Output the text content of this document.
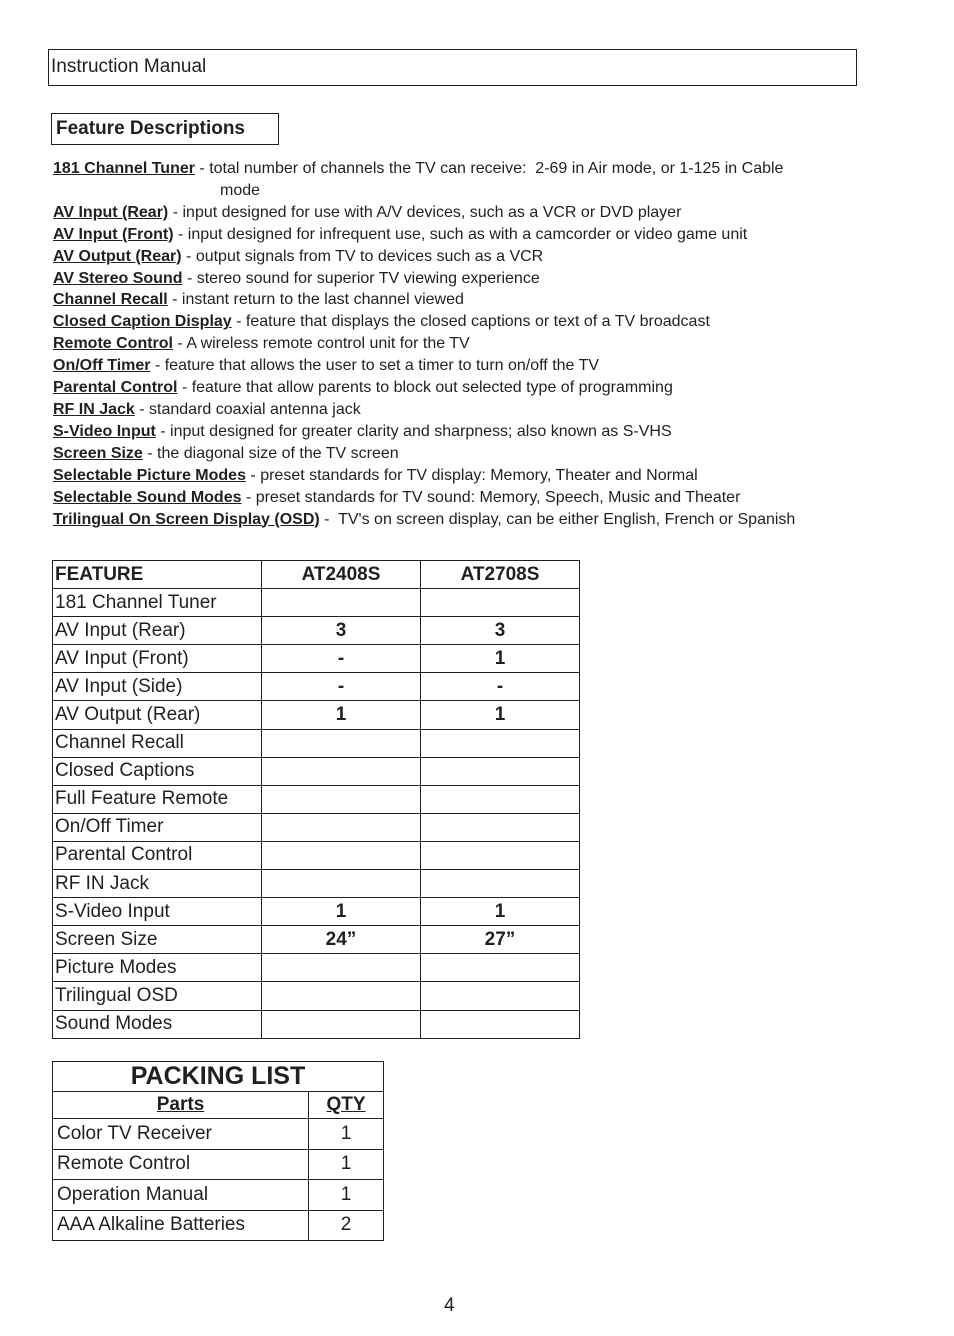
Instruction Manual
Feature Descriptions
181 Channel Tuner - total number of channels the TV can receive:  2-69 in Air mode, or 1-125 in Cable
mode
AV Input (Rear) - input designed for use with A/V devices, such as a VCR or DVD player
AV Input (Front) - input designed for infrequent use, such as with a camcorder or video game unit
AV Output (Rear) - output signals from TV to devices such as a VCR
AV Stereo Sound - stereo sound for superior TV viewing experience
Channel Recall - instant return to the last channel viewed
Closed Caption Display - feature that displays the closed captions or text of a TV broadcast
Remote Control - A wireless remote control unit for the TV
On/Off Timer - feature that allows the user to set a timer to turn on/off the TV
Parental Control - feature that allow parents to block out selected type of programming
RF IN Jack - standard coaxial antenna jack
S-Video Input - input designed for greater clarity and sharpness; also known as S-VHS
Screen Size - the diagonal size of the TV screen
Selectable Picture Modes - preset standards for TV display: Memory, Theater and Normal
Selectable Sound Modes - preset standards for TV sound: Memory, Speech, Music and Theater
Trilingual On Screen Display (OSD) -  TV's on screen display, can be either English, French or Spanish
FEATURE	AT2408S	AT2708S
181 Channel Tuner		
AV Input (Rear)	3	3
AV Input (Front)	-	1
AV Input (Side)	-	-
AV Output (Rear)	1	1
Channel Recall		
Closed Captions		
Full Feature Remote		
On/Off Timer		
Parental Control		
RF IN Jack		
S-Video Input	1	1
Screen Size	24”	27”
Picture Modes		
Trilingual OSD		
Sound Modes		
PACKING LIST	
Parts	QTY
Color TV Receiver	1
Remote Control	1
Operation Manual	1
AAA Alkaline Batteries	2
4
